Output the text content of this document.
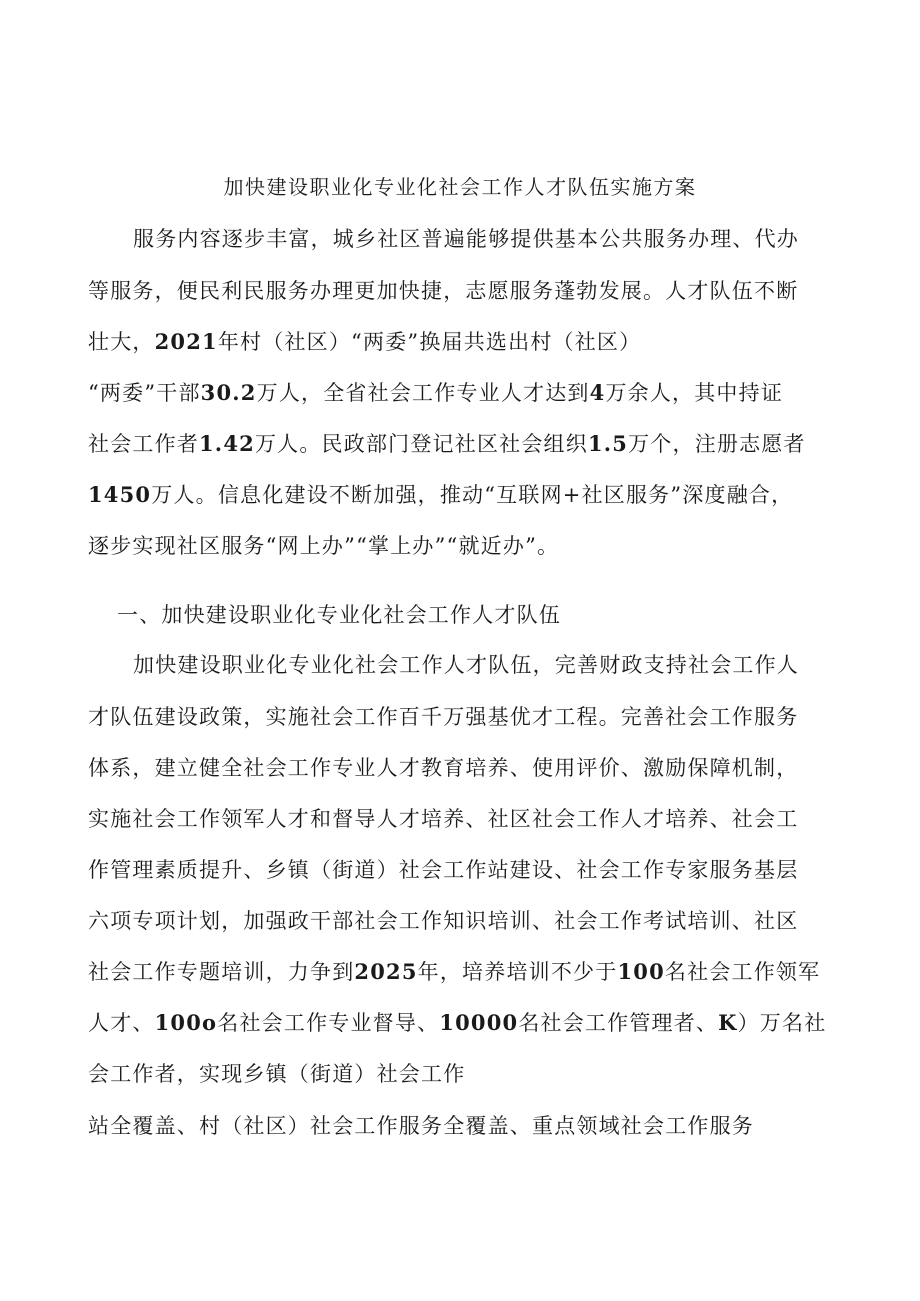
加快建设职业化专业化社会工作人才队伍实施方案
服务内容逐步丰富，城乡社区普遍能够提供基本公共服务办理、代办
等服务，便民利民服务办理更加快捷，志愿服务蓬勃发展。人才队伍不断
壮大，2021年村（社区）“两委”换届共选出村（社区）
“两委”干部30.2万人，全省社会工作专业人才达到4万余人，其中持证
社会工作者1.42万人。民政部门登记社区社会组织1.5万个，注册志愿者
1450万人。信息化建设不断加强，推动“互联网+社区服务”深度融合，
逐步实现社区服务“网上办”“掌上办”“就近办”。
一、加快建设职业化专业化社会工作人才队伍
加快建设职业化专业化社会工作人才队伍，完善财政支持社会工作人
才队伍建设政策，实施社会工作百千万强基优才工程。完善社会工作服务
体系，建立健全社会工作专业人才教育培养、使用评价、激励保障机制，
实施社会工作领军人才和督导人才培养、社区社会工作人才培养、社会工
作管理素质提升、乡镇（街道）社会工作站建设、社会工作专家服务基层
六项专项计划，加强政干部社会工作知识培训、社会工作考试培训、社区
社会工作专题培训，力争到2025年，培养培训不少于100名社会工作领军
人才、100o名社会工作专业督导、10000名社会工作管理者、K）万名社
会工作者，实现乡镇（街道）社会工作
站全覆盖、村（社区）社会工作服务全覆盖、重点领域社会工作服务
